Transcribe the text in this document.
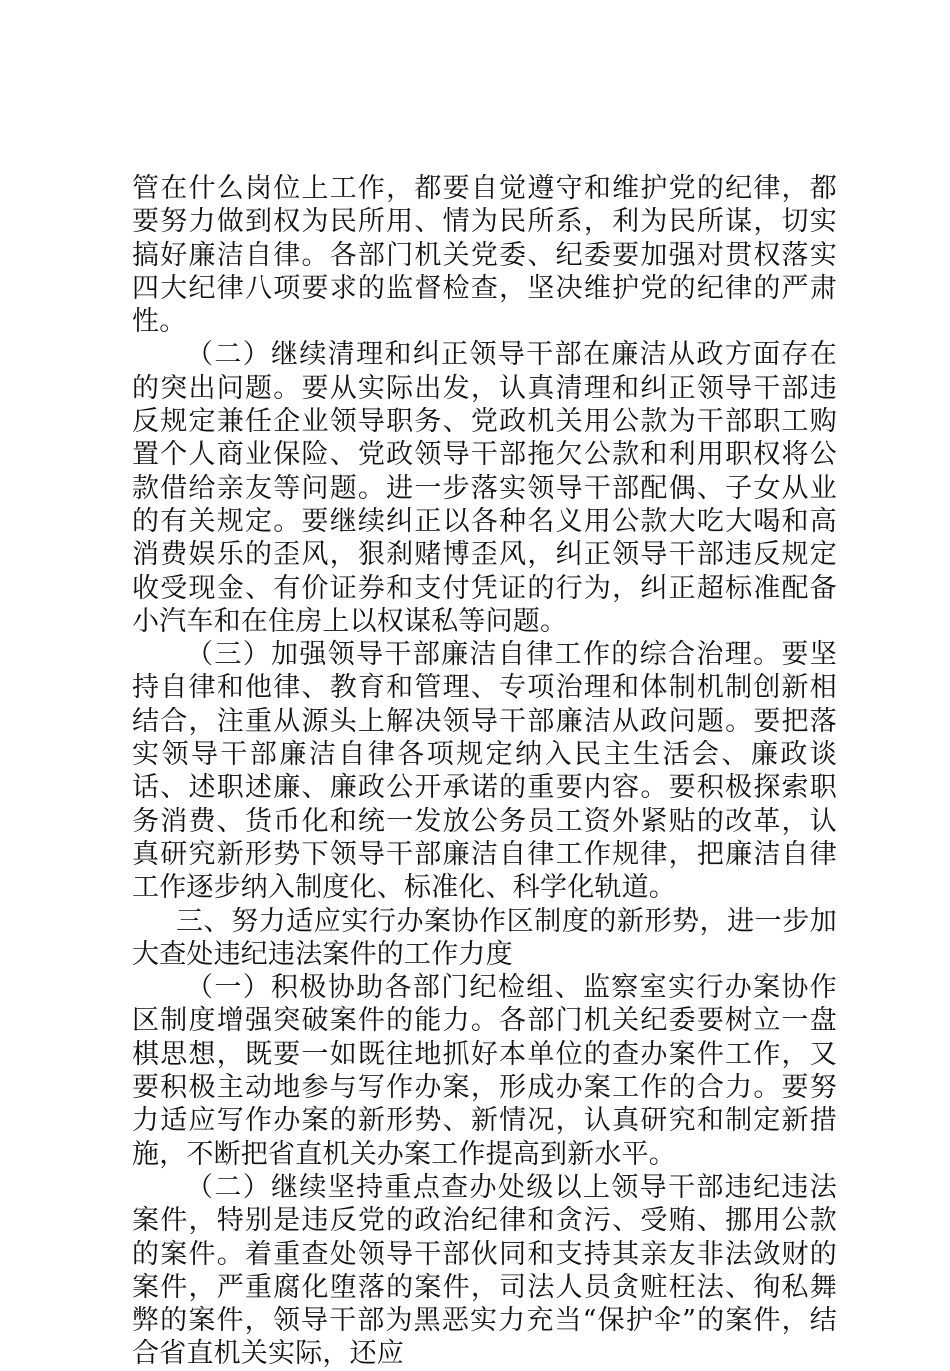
管在什么岗位上工作，都要自觉遵守和维护党的纪律，都要努力做到权为民所用、情为民所系，利为民所谋，切实搞好廉洁自律。各部门机关党委、纪委要加强对贯权落实四大纪律八项要求的监督检查，坚决维护党的纪律的严肃性。

（二）继续清理和纠正领导干部在廉洁从政方面存在的突出问题。要从实际出发，认真清理和纠正领导干部违反规定兼任企业领导职务、党政机关用公款为干部职工购置个人商业保险、党政领导干部拖欠公款和利用职权将公款借给亲友等问题。进一步落实领导干部配偶、子女从业的有关规定。要继续纠正以各种名义用公款大吃大喝和高消费娱乐的歪风，狠刹赌博歪风，纠正领导干部违反规定收受现金、有价证券和支付凭证的行为，纠正超标准配备小汽车和在住房上以权谋私等问题。

（三）加强领导干部廉洁自律工作的综合治理。要坚持自律和他律、教育和管理、专项治理和体制机制创新相结合，注重从源头上解决领导干部廉洁从政问题。要把落实领导干部廉洁自律各项规定纳入民主生活会、廉政谈话、述职述廉、廉政公开承诺的重要内容。要积极探索职务消费、货币化和统一发放公务员工资外紧贴的改革，认真研究新形势下领导干部廉洁自律工作规律，把廉洁自律工作逐步纳入制度化、标准化、科学化轨道。

三、努力适应实行办案协作区制度的新形势，进一步加大查处违纪违法案件的工作力度

（一）积极协助各部门纪检组、监察室实行办案协作区制度增强突破案件的能力。各部门机关纪委要树立一盘棋思想，既要一如既往地抓好本单位的查办案件工作，又要积极主动地参与写作办案，形成办案工作的合力。要努力适应写作办案的新形势、新情况，认真研究和制定新措施，不断把省直机关办案工作提高到新水平。

（二）继续坚持重点查办处级以上领导干部违纪违法案件，特别是违反党的政治纪律和贪污、受贿、挪用公款的案件。着重查处领导干部伙同和支持其亲友非法敛财的案件，严重腐化堕落的案件，司法人员贪赃枉法、徇私舞弊的案件，领导干部为黑恶实力充当“保护伞”的案件，结合省直机关实际，还应
